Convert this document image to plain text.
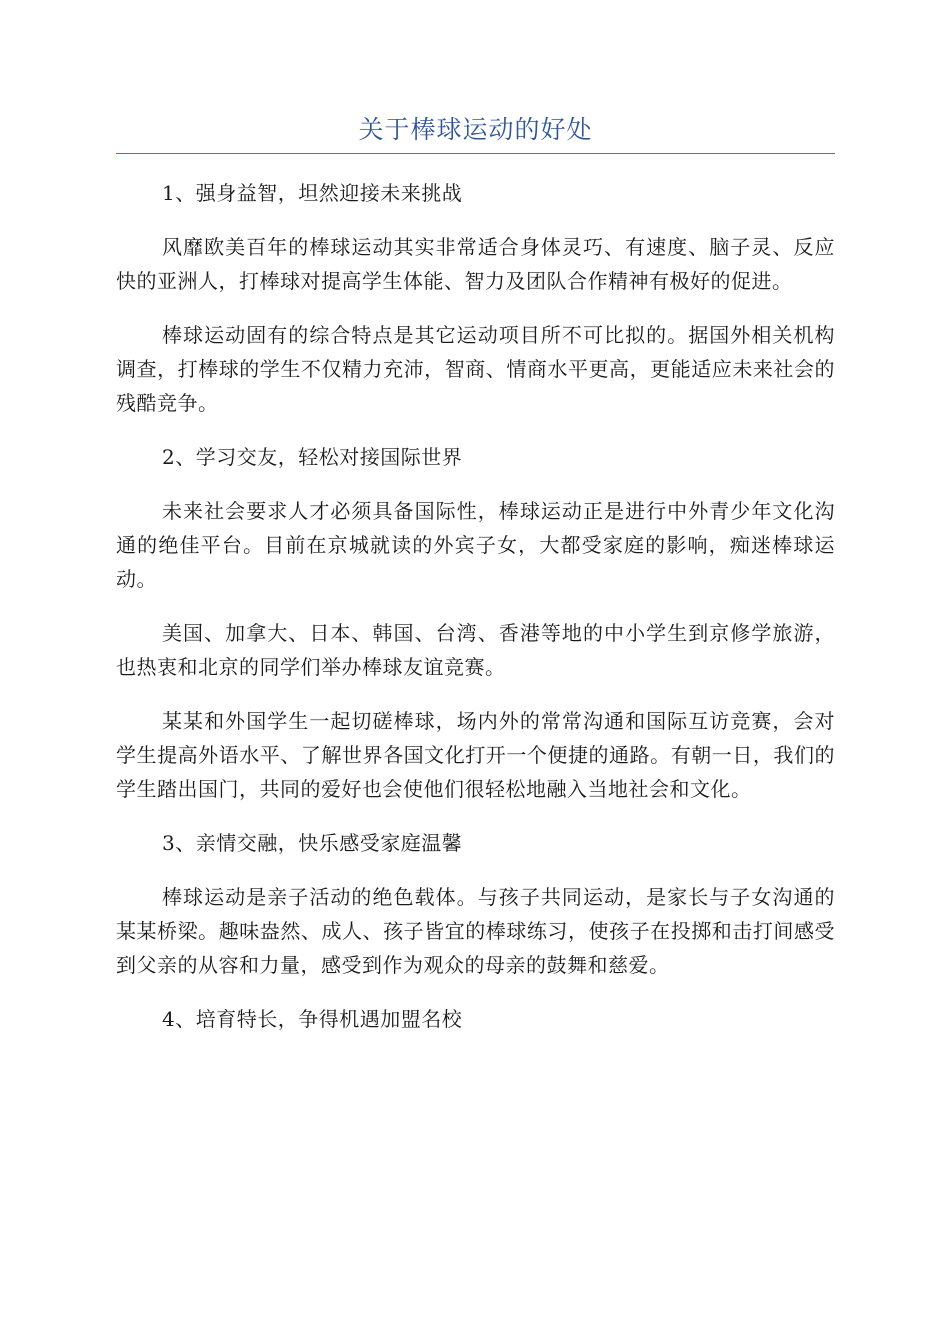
关于棒球运动的好处

1、强身益智，坦然迎接未来挑战

风靡欧美百年的棒球运动其实非常适合身体灵巧、有速度、脑子灵、反应快的亚洲人，打棒球对提高学生体能、智力及团队合作精神有极好的促进。

棒球运动固有的综合特点是其它运动项目所不可比拟的。据国外相关机构调查，打棒球的学生不仅精力充沛，智商、情商水平更高，更能适应未来社会的残酷竞争。

2、学习交友，轻松对接国际世界

未来社会要求人才必须具备国际性，棒球运动正是进行中外青少年文化沟通的绝佳平台。目前在京城就读的外宾子女，大都受家庭的影响，痴迷棒球运动。

美国、加拿大、日本、韩国、台湾、香港等地的中小学生到京修学旅游，也热衷和北京的同学们举办棒球友谊竞赛。

某某和外国学生一起切磋棒球，场内外的常常沟通和国际互访竞赛，会对学生提高外语水平、了解世界各国文化打开一个便捷的通路。有朝一日，我们的学生踏出国门，共同的爱好也会使他们很轻松地融入当地社会和文化。

3、亲情交融，快乐感受家庭温馨

棒球运动是亲子活动的绝色载体。与孩子共同运动，是家长与子女沟通的某某桥梁。趣味盎然、成人、孩子皆宜的棒球练习，使孩子在投掷和击打间感受到父亲的从容和力量，感受到作为观众的母亲的鼓舞和慈爱。

4、培育特长，争得机遇加盟名校
